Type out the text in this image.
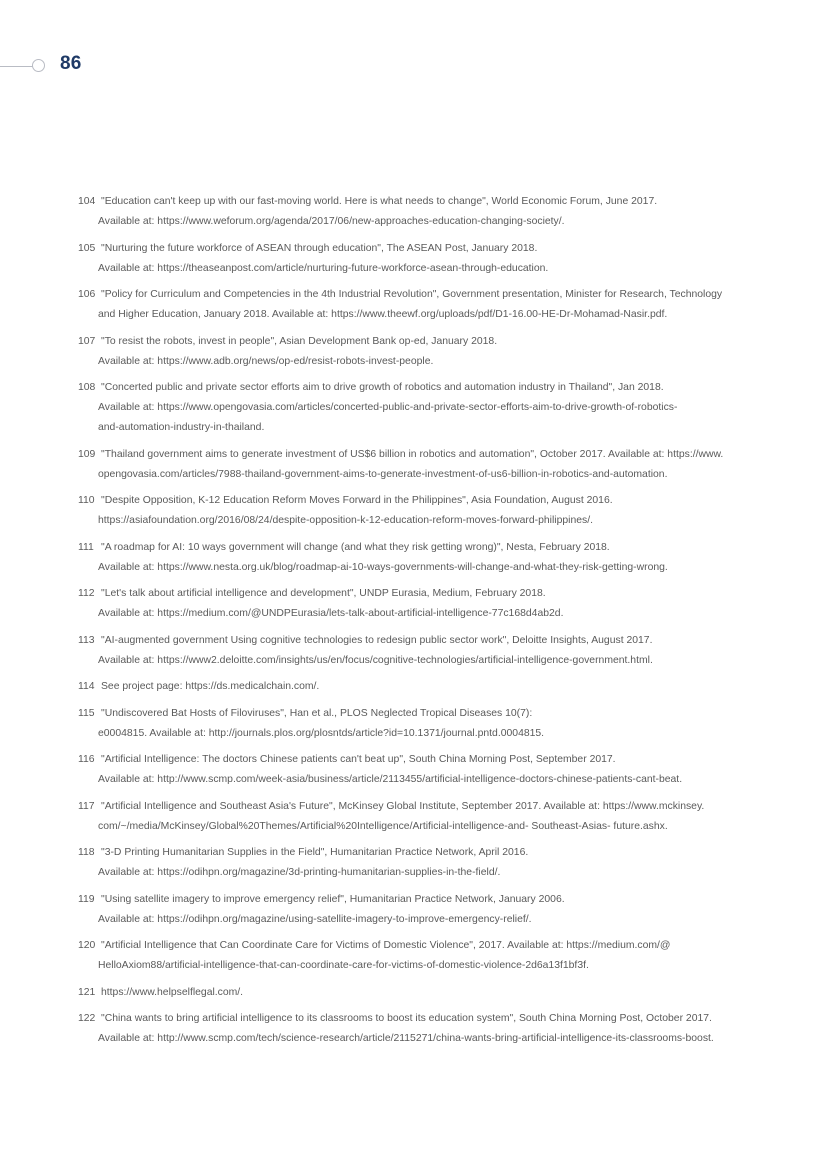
86
104 "Education can't keep up with our fast-moving world. Here is what needs to change", World Economic Forum, June 2017.
Available at: https://www.weforum.org/agenda/2017/06/new-approaches-education-changing-society/.
105 "Nurturing the future workforce of ASEAN through education", The ASEAN Post, January 2018.
Available at: https://theaseanpost.com/article/nurturing-future-workforce-asean-through-education.
106 "Policy for Curriculum and Competencies in the 4th Industrial Revolution", Government presentation, Minister for Research, Technology
and Higher Education, January 2018. Available at: https://www.theewf.org/uploads/pdf/D1-16.00-HE-Dr-Mohamad-Nasir.pdf.
107 "To resist the robots, invest in people", Asian Development Bank op-ed, January 2018.
Available at: https://www.adb.org/news/op-ed/resist-robots-invest-people.
108 "Concerted public and private sector efforts aim to drive growth of robotics and automation industry in Thailand", Jan 2018.
Available at: https://www.opengovasia.com/articles/concerted-public-and-private-sector-efforts-aim-to-drive-growth-of-robotics-
and-automation-industry-in-thailand.
109 "Thailand government aims to generate investment of US$6 billion in robotics and automation", October 2017. Available at: https://www.
opengovasia.com/articles/7988-thailand-government-aims-to-generate-investment-of-us6-billion-in-robotics-and-automation.
110 "Despite Opposition, K-12 Education Reform Moves Forward in the Philippines", Asia Foundation, August 2016.
https://asiafoundation.org/2016/08/24/despite-opposition-k-12-education-reform-moves-forward-philippines/.
111 "A roadmap for AI: 10 ways government will change (and what they risk getting wrong)", Nesta, February 2018.
Available at: https://www.nesta.org.uk/blog/roadmap-ai-10-ways-governments-will-change-and-what-they-risk-getting-wrong.
112 "Let's talk about artificial intelligence and development", UNDP Eurasia, Medium, February 2018.
Available at: https://medium.com/@UNDPEurasia/lets-talk-about-artificial-intelligence-77c168d4ab2d.
113 "AI-augmented government Using cognitive technologies to redesign public sector work", Deloitte Insights, August 2017.
Available at: https://www2.deloitte.com/insights/us/en/focus/cognitive-technologies/artificial-intelligence-government.html.
114 See project page: https://ds.medicalchain.com/.
115 "Undiscovered Bat Hosts of Filoviruses", Han et al., PLOS Neglected Tropical Diseases 10(7):
e0004815. Available at: http://journals.plos.org/plosntds/article?id=10.1371/journal.pntd.0004815.
116 "Artificial Intelligence: The doctors Chinese patients can't beat up", South China Morning Post, September 2017.
Available at: http://www.scmp.com/week-asia/business/article/2113455/artificial-intelligence-doctors-chinese-patients-cant-beat.
117 "Artificial Intelligence and Southeast Asia's Future", McKinsey Global Institute, September 2017. Available at: https://www.mckinsey.
com/~/media/McKinsey/Global%20Themes/Artificial%20Intelligence/Artificial-intelligence-and- Southeast-Asias- future.ashx.
118 "3-D Printing Humanitarian Supplies in the Field", Humanitarian Practice Network, April 2016.
Available at: https://odihpn.org/magazine/3d-printing-humanitarian-supplies-in-the-field/.
119 "Using satellite imagery to improve emergency relief", Humanitarian Practice Network, January 2006.
Available at: https://odihpn.org/magazine/using-satellite-imagery-to-improve-emergency-relief/.
120 "Artificial Intelligence that Can Coordinate Care for Victims of Domestic Violence", 2017. Available at: https://medium.com/@
HelloAxiom88/artificial-intelligence-that-can-coordinate-care-for-victims-of-domestic-violence-2d6a13f1bf3f.
121 https://www.helpselflegal.com/.
122 "China wants to bring artificial intelligence to its classrooms to boost its education system", South China Morning Post, October 2017.
Available at: http://www.scmp.com/tech/science-research/article/2115271/china-wants-bring-artificial-intelligence-its-classrooms-boost.
